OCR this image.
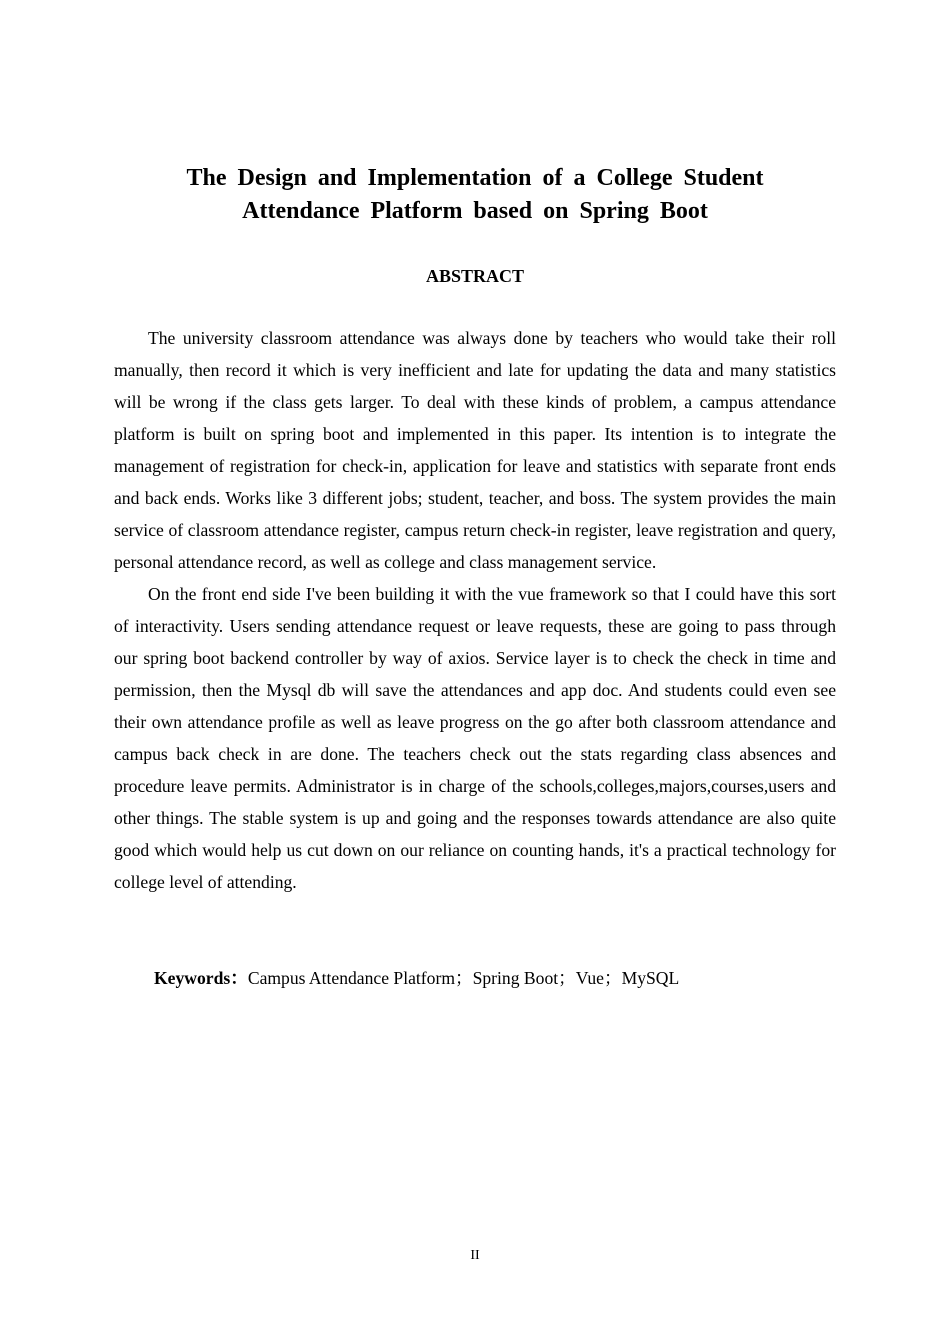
The Design and Implementation of a College Student
Attendance Platform based on Spring Boot
ABSTRACT

The university classroom attendance was always done by teachers who would take their roll manually, then record it which is very inefficient and late for updating the data and many statistics will be wrong if the class gets larger. To deal with these kinds of problem, a campus attendance platform is built on spring boot and implemented in this paper. Its intention is to integrate the management of registration for check-in, application for leave and statistics with separate front ends and back ends. Works like 3 different jobs; student, teacher, and boss. The system provides the main service of classroom attendance register, campus return check-in register, leave registration and query, personal attendance record, as well as college and class management service.

On the front end side I've been building it with the vue framework so that I could have this sort of interactivity. Users sending attendance request or leave requests, these are going to pass through our spring boot backend controller by way of axios. Service layer is to check the check in time and permission, then the Mysql db will save the attendances and app doc. And students could even see their own attendance profile as well as leave progress on the go after both classroom attendance and campus back check in are done. The teachers check out the stats regarding class absences and procedure leave permits. Administrator is in charge of the schools,colleges,majors,courses,users and other things. The stable system is up and going and the responses towards attendance are also quite good which would help us cut down on our reliance on counting hands, it's a practical technology for college level of attending.

Keywords：Campus Attendance Platform；Spring Boot；Vue；MySQL
II
